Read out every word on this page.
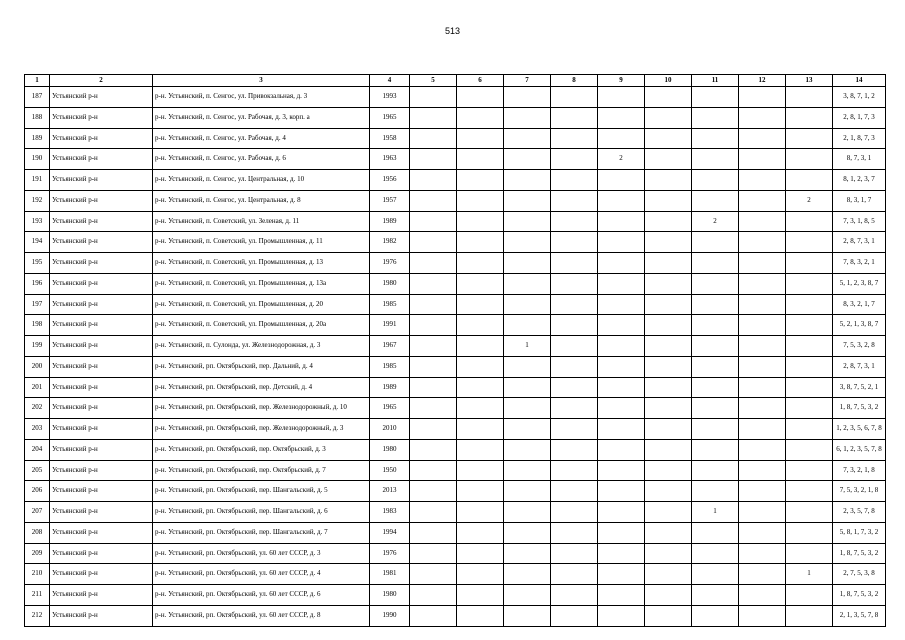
513
1	2	3	4	5	6	7	8	9	10	11	12	13	14
187	Устьянский р-н	р-н. Устьянский, п. Сенгос, ул. Привокзальная, д. 3	1993										3, 8, 7, 1, 2
188	Устьянский р-н	р-н. Устьянский, п. Сенгос, ул. Рабочая, д. 3, корп. а	1965										2, 8, 1, 7, 3
189	Устьянский р-н	р-н. Устьянский, п. Сенгос, ул. Рабочая, д. 4	1958										2, 1, 8, 7, 3
190	Устьянский р-н	р-н. Устьянский, п. Сенгос, ул. Рабочая, д. 6	1963					2					8, 7, 3, 1
191	Устьянский р-н	р-н. Устьянский, п. Сенгос, ул. Центральная, д. 10	1956										8, 1, 2, 3, 7
192	Устьянский р-н	р-н. Устьянский, п. Сенгос, ул. Центральная, д. 8	1957									2	8, 3, 1, 7
193	Устьянский р-н	р-н. Устьянский, п. Советский, ул. Зеленая, д. 11	1989							2			7, 3, 1, 8, 5
194	Устьянский р-н	р-н. Устьянский, п. Советский, ул. Промышленная, д. 11	1982										2, 8, 7, 3, 1
195	Устьянский р-н	р-н. Устьянский, п. Советский, ул. Промышленная, д. 13	1976										7, 8, 3, 2, 1
196	Устьянский р-н	р-н. Устьянский, п. Советский, ул. Промышленная, д. 13а	1980										5, 1, 2, 3, 8, 7
197	Устьянский р-н	р-н. Устьянский, п. Советский, ул. Промышленная, д. 20	1985										8, 3, 2, 1, 7
198	Устьянский р-н	р-н. Устьянский, п. Советский, ул. Промышленная, д. 20а	1991										5, 2, 1, 3, 8, 7
199	Устьянский р-н	р-н. Устьянский, п. Сулонда, ул. Железнодорожная, д. 3	1967			1							7, 5, 3, 2, 8
200	Устьянский р-н	р-н. Устьянский, рп. Октябрьский, пер. Дальний, д. 4	1985										2, 8, 7, 3, 1
201	Устьянский р-н	р-н. Устьянский, рп. Октябрьский, пер. Детский, д. 4	1989										3, 8, 7, 5, 2, 1
202	Устьянский р-н	р-н. Устьянский, рп. Октябрьский, пер. Железнодорожный, д. 10	1965										1, 8, 7, 5, 3, 2
203	Устьянский р-н	р-н. Устьянский, рп. Октябрьский, пер. Железнодорожный, д. 3	2010										1, 2, 3, 5, 6, 7, 8
204	Устьянский р-н	р-н. Устьянский, рп. Октябрьский, пер. Октябрьский, д. 3	1980										6, 1, 2, 3, 5, 7, 8
205	Устьянский р-н	р-н. Устьянский, рп. Октябрьский, пер. Октябрьский, д. 7	1950										7, 3, 2, 1, 8
206	Устьянский р-н	р-н. Устьянский, рп. Октябрьский, пер. Шангальский, д. 5	2013										7, 5, 3, 2, 1, 8
207	Устьянский р-н	р-н. Устьянский, рп. Октябрьский, пер. Шангальский, д. 6	1983							1			2, 3, 5, 7, 8
208	Устьянский р-н	р-н. Устьянский, рп. Октябрьский, пер. Шангальский, д. 7	1994										5, 8, 1, 7, 3, 2
209	Устьянский р-н	р-н. Устьянский, рп. Октябрьский, ул. 60 лет СССР, д. 3	1976										1, 8, 7, 5, 3, 2
210	Устьянский р-н	р-н. Устьянский, рп. Октябрьский, ул. 60 лет СССР, д. 4	1981									1	2, 7, 5, 3, 8
211	Устьянский р-н	р-н. Устьянский, рп. Октябрьский, ул. 60 лет СССР, д. 6	1980										1, 8, 7, 5, 3, 2
212	Устьянский р-н	р-н. Устьянский, рп. Октябрьский, ул. 60 лет СССР, д. 8	1990										2, 1, 3, 5, 7, 8
